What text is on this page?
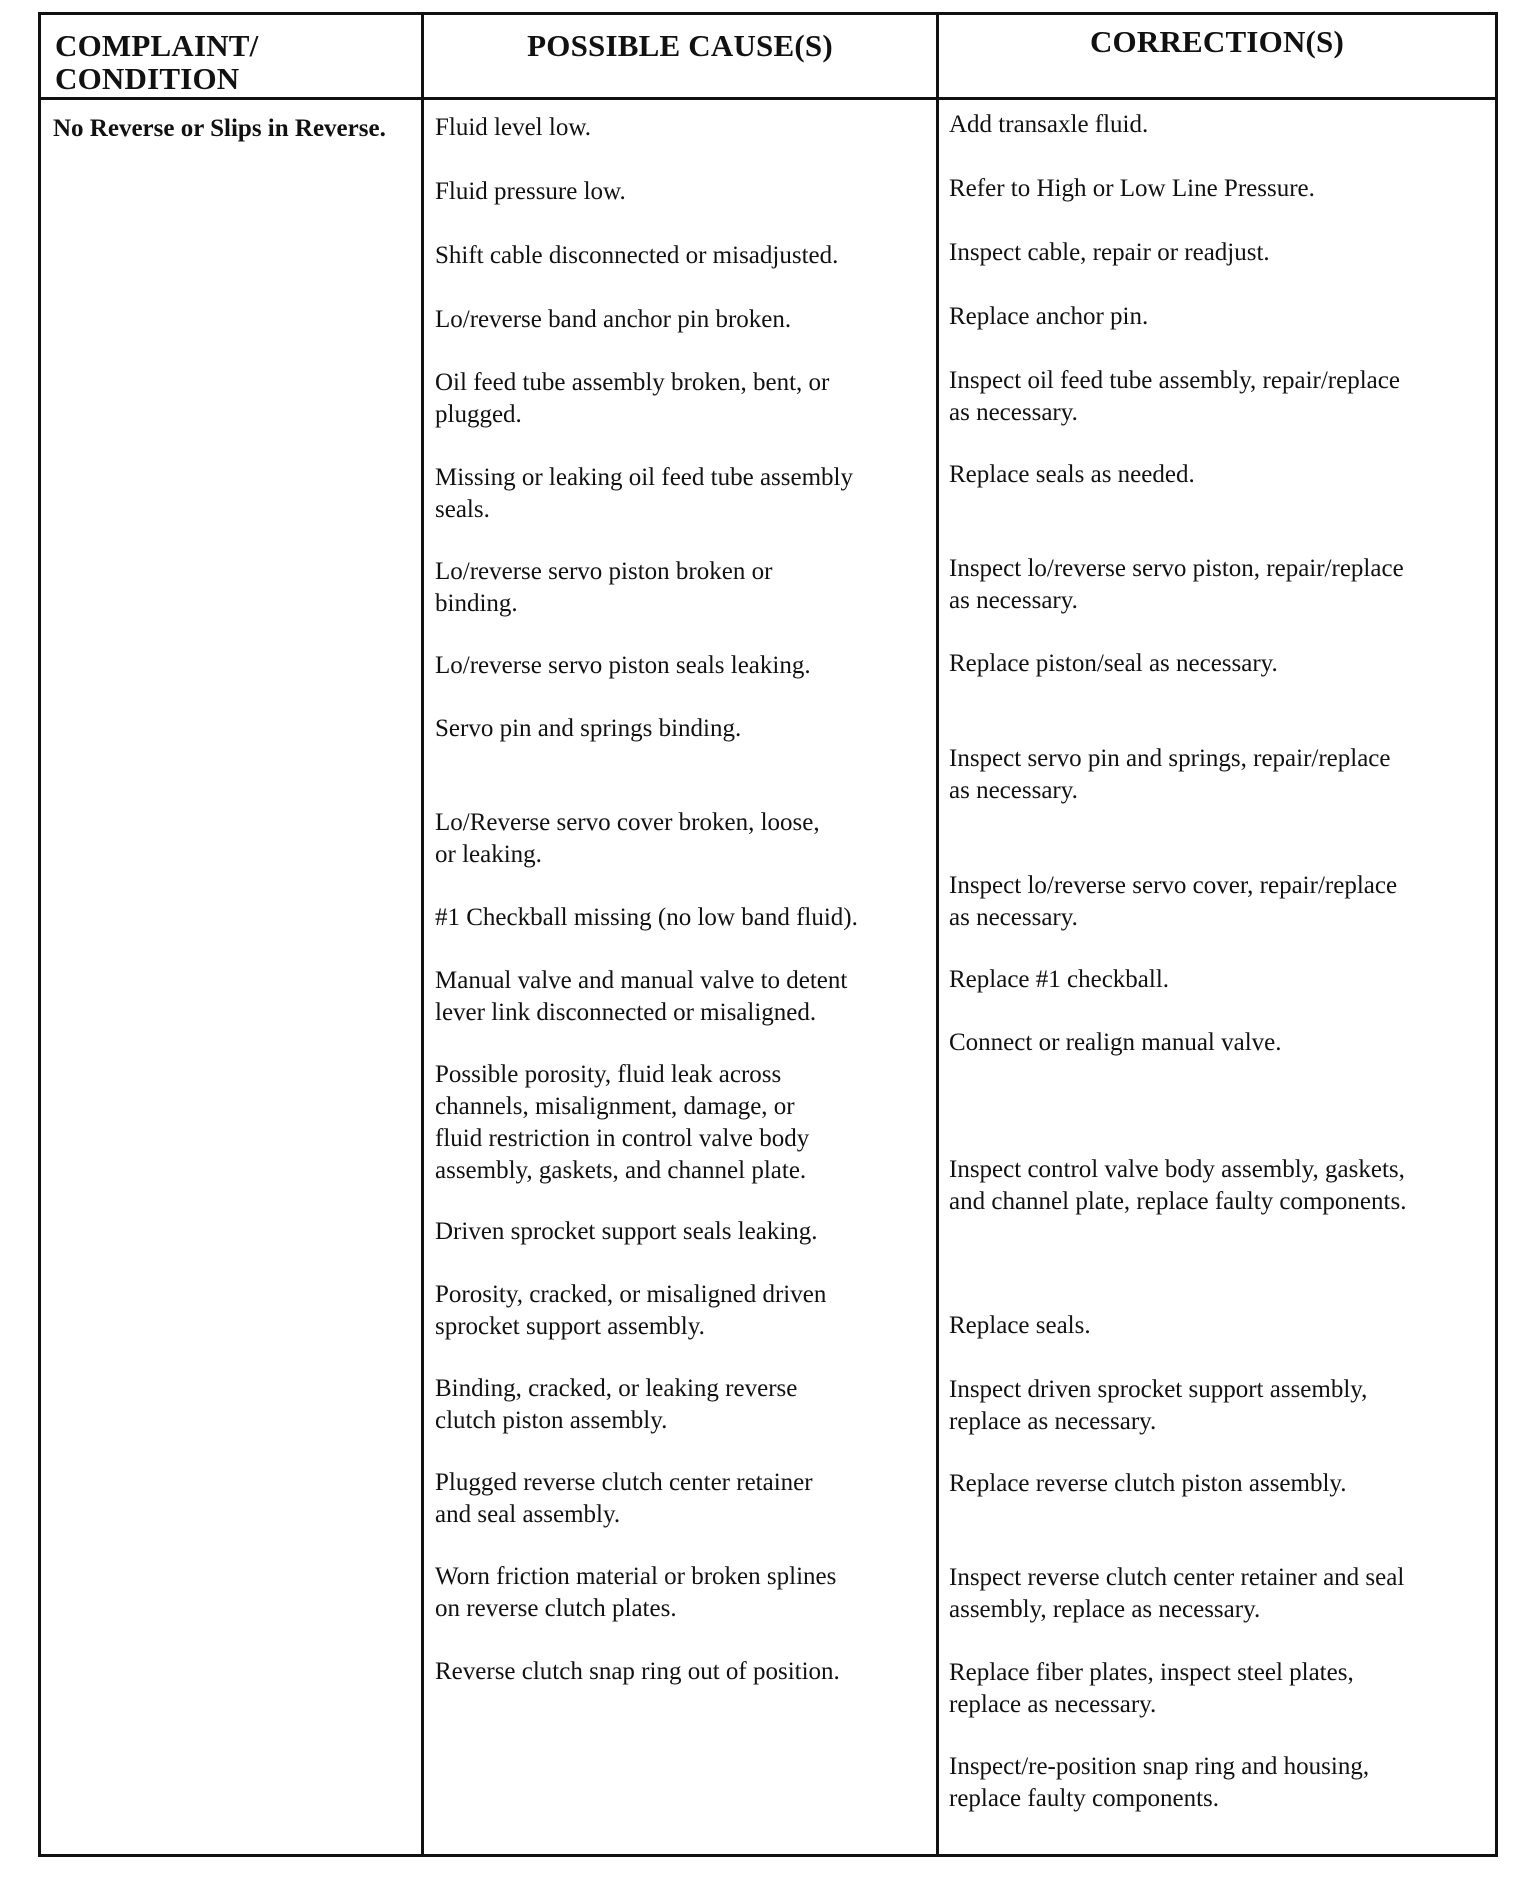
COMPLAINT/
CONDITION
POSSIBLE CAUSE(S)	CORRECTION(S)
No Reverse or Slips in Reverse. Fluid level low.
Fluid pressure low.
Shift cable disconnected or misadjusted.
Lo/reverse band anchor pin broken.
Oil feed tube assembly broken, bent, or
plugged.
Missing or leaking oil feed tube assembly
seals.
Lo/reverse servo piston broken or
binding.
Lo/reverse servo piston seals leaking.
Servo pin and springs binding.
Lo/Reverse servo cover broken, loose,
or leaking.
#1 Checkball missing (no low band fluid).
Manual valve and manual valve to detent
lever link disconnected or misaligned.
Possible porosity, fluid leak across
channels, misalignment, damage, or
fluid restriction in control valve body
assembly, gaskets, and channel plate.
Driven sprocket support seals leaking.
Porosity, cracked, or misaligned driven
sprocket support assembly.
Binding, cracked, or leaking reverse
clutch piston assembly.
Plugged reverse clutch center retainer
and seal assembly.
Worn friction material or broken splines
on reverse clutch plates.
Reverse clutch snap ring out of position.
Add transaxle fluid.
Refer to High or Low Line Pressure.
Inspect cable, repair or readjust.
Replace anchor pin.
Inspect oil feed tube assembly, repair/replace
as necessary.
Replace seals as needed.
Inspect lo/reverse servo piston, repair/replace
as necessary.
Replace piston/seal as necessary.
Inspect servo pin and springs, repair/replace
as necessary.
Inspect lo/reverse servo cover, repair/replace
as necessary.
Replace #1 checkball.
Connect or realign manual valve.
Inspect control valve body assembly, gaskets,
and channel plate, replace faulty components.
Replace seals.
Inspect driven sprocket support assembly,
replace as necessary.
Replace reverse clutch piston assembly.
Inspect reverse clutch center retainer and seal
assembly, replace as necessary.
Replace fiber plates, inspect steel plates,
replace as necessary.
Inspect/re-position snap ring and housing,
replace faulty components.
